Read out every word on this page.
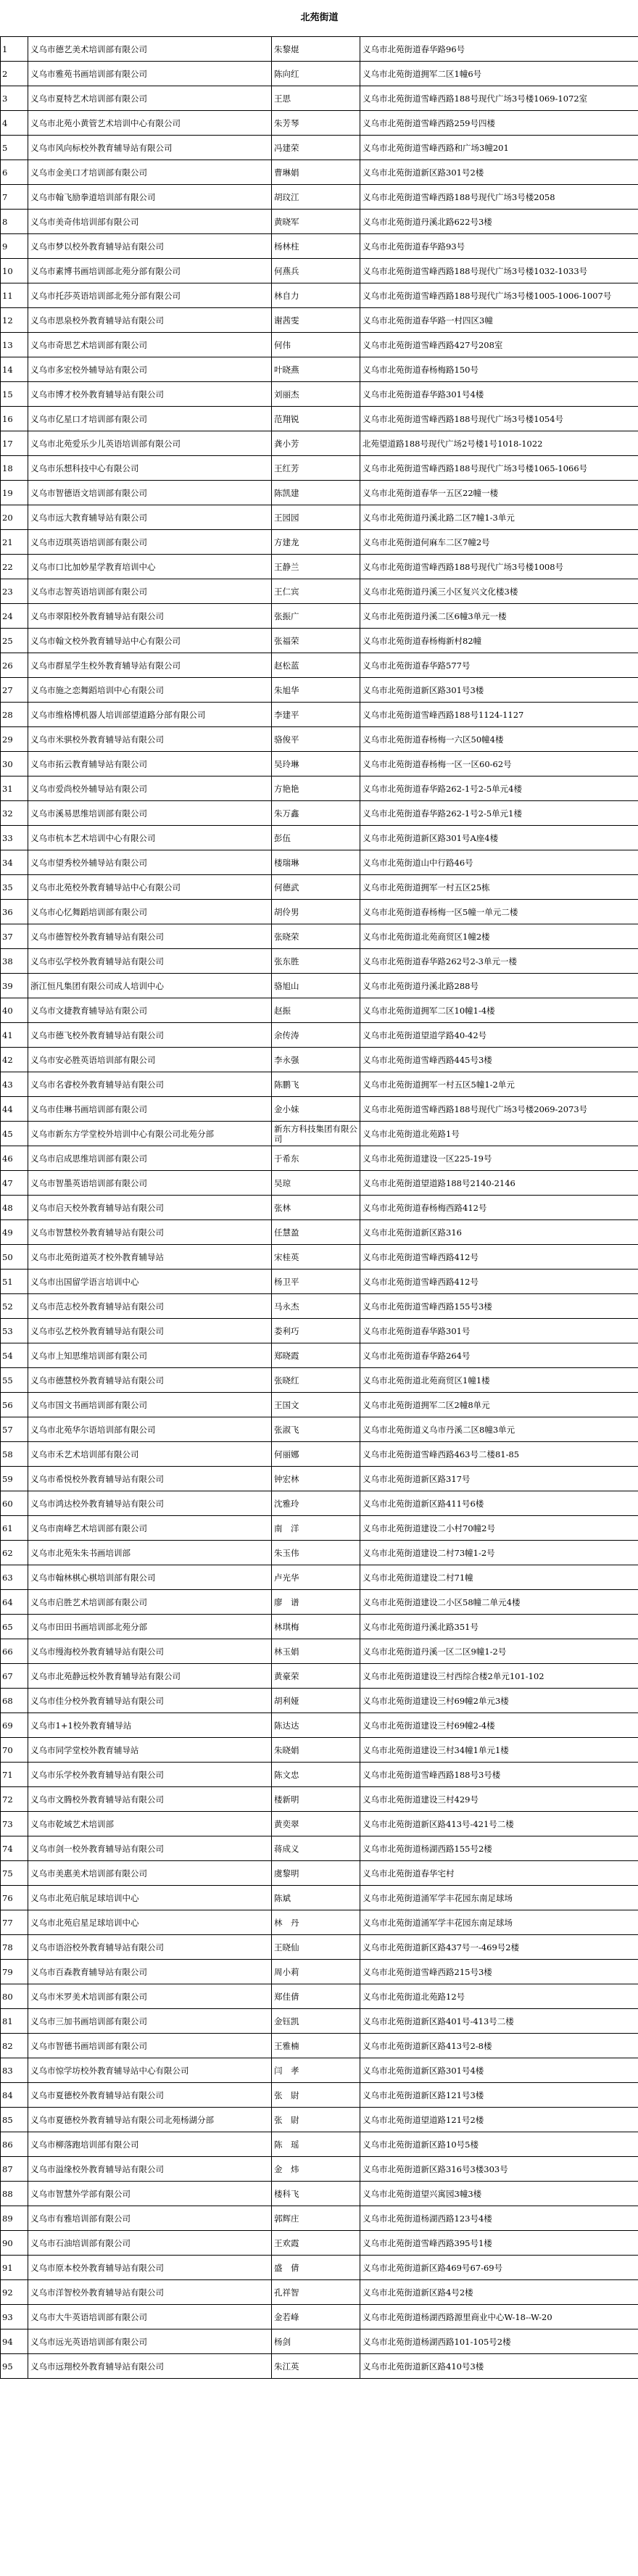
北苑街道			
1	义乌市德艺美术培训部有限公司	朱黎焜	义乌市北苑街道春华路96号
2	义乌市雅苑书画培训部有限公司	陈向红	义乌市北苑街道拥军二区1幢6号
3	义乌市夏特艺术培训部有限公司	王思	义乌市北苑街道雪峰西路188号现代广场3号楼1069-1072室
4	义乌市北苑小黄管艺术培训中心有限公司	朱芳琴	义乌市北苑街道雪峰西路259号四楼
5	义乌市风向标校外教育辅导站有限公司	冯建荣	义乌市北苑街道雪峰西路和广场3幢201
6	义乌市金美口才培训部有限公司	曹琳娟	义乌市北苑街道新区路301号2楼
7	义乌市翰飞励拳道培训部有限公司	胡玟江	义乌市北苑街道雪峰西路188号现代广场3号楼2058
8	义乌市美奇伟培训部有限公司	黄晓军	义乌市北苑街道丹溪北路622号3楼
9	义乌市梦以校外教育辅导站有限公司	杨林柱	义乌市北苑街道春华路93号
10	义乌市素博书画培训部北苑分部有限公司	何燕兵	义乌市北苑街道雪峰西路188号现代广场3号楼1032-1033号
11	义乌市托莎英语培训部北苑分部有限公司	林自力	义乌市北苑街道雪峰西路188号现代广场3号楼1005-1006-1007号
12	义乌市思泉校外教育辅导站有限公司	谢茜雯	义乌市北苑街道春华路一村四区3幢
13	义乌市奇思艺术培训部有限公司	何伟	义乌市北苑街道雪峰西路427号208室
14	义乌市多宏校外辅导站有限公司	叶晓燕	义乌市北苑街道春杨梅路150号
15	义乌市博才校外教育辅导站有限公司	刘丽杰	义乌市北苑街道春华路301号4楼
16	义乌市亿星口才培训部有限公司	范翔锐	义乌市北苑街道雪峰西路188号现代广场3号楼1054号
17	义乌市北苑爱乐少儿英语培训部有限公司	龚小芳	北苑望道路188号现代广场2号楼1号1018-1022
18	义乌市乐想科技中心有限公司	王红芳	义乌市北苑街道雪峰西路188号现代广场3号楼1065-1066号
19	义乌市智德语文培训部有限公司	陈凯建	义乌市北苑街道春华一五区22幢一楼
20	义乌市远大教育辅导站有限公司	王园园	义乌市北苑街道丹溪北路二区7幢1-3单元
21	义乌市迈琪英语培训部有限公司	方建龙	义乌市北苑街道何麻车二区7幢2号
22	义乌市口比加妙星学教育培训中心	王静兰	义乌市北苑街道雪峰西路188号现代广场3号楼1008号
23	义乌市志智英语培训部有限公司	王仁宾	义乌市北苑街道丹溪三小区复兴文化楼3楼
24	义乌市翠阳校外教育辅导站有限公司	张振广	义乌市北苑街道丹溪二区6幢3单元一楼
25	义乌市翰文校外教育辅导站中心有限公司	张福荣	义乌市北苑街道春杨梅新村82幢
26	义乌市群星学生校外教育辅导站有限公司	赵松蓝	义乌市北苑街道春华路577号
27	义乌市施之恋舞蹈培训中心有限公司	朱旭华	义乌市北苑街道新区路301号3楼
28	义乌市维格博机器人培训部望道路分部有限公司	李建平	义乌市北苑街道雪峰西路188号1124-1127
29	义乌市米骐校外教育辅导站有限公司	骆俊平	义乌市北苑街道春杨梅一六区50幢4楼
30	义乌市拓云教育辅导站有限公司	吴玲琳	义乌市北苑街道春杨梅一区一区60-62号
31	义乌市爱尚校外辅导站有限公司	方艳艳	义乌市北苑街道春华路262-1号2-5单元4楼
32	义乌市溪易思维培训部有限公司	朱万鑫	义乌市北苑街道春华路262-1号2-5单元1楼
33	义乌市杭本艺术培训中心有限公司	彭伍	义乌市北苑街道新区路301号A座4楼
34	义乌市望秀校外辅导站有限公司	楼瑞琳	义乌市北苑街道山中行路46号
35	义乌市北苑校外教育辅导站中心有限公司	何德武	义乌市北苑街道拥军一村五区25栋
36	义乌市心忆舞蹈培训部有限公司	胡伶男	义乌市北苑街道春杨梅一区5幢一单元二楼
37	义乌市德智校外教育辅导站有限公司	张晓荣	义乌市北苑街道北苑商贸区1幢2楼
38	义乌市弘学校外教育辅导站有限公司	张东胜	义乌市北苑街道春华路262号2-3单元一楼
39	浙江恒凡集团有限公司成人培训中心	骆旭山	义乌市北苑街道丹溪北路288号
40	义乌市文捷教育辅导站有限公司	赵振	义乌市北苑街道拥军二区10幢1-4楼
41	义乌市德飞校外教育辅导站有限公司	余传涛	义乌市北苑街道望道学路40-42号
42	义乌市安必胜英语培训部有限公司	李永强	义乌市北苑街道雪峰西路445号3楼
43	义乌市名睿校外教育辅导站有限公司	陈鹏飞	义乌市北苑街道拥军一村五区5幢1-2单元
44	义乌市佳琳书画培训部有限公司	金小妹	义乌市北苑街道雪峰西路188号现代广场3号楼2069-2073号
45	义乌市新东方学堂校外培训中心有限公司北苑分部	新东方科技集团有限公司	义乌市北苑街道北苑路1号
46	义乌市启成思维培训部有限公司	于希东	义乌市北苑街道建设一区225-19号
47	义乌市智墨英语培训部有限公司	吴琼	义乌市北苑街道望道路188号2140-2146
48	义乌市启天校外教育辅导站有限公司	张林	义乌市北苑街道春杨梅西路412号
49	义乌市智慧校外教育辅导站有限公司	任慧盈	义乌市北苑街道新区路316
50	义乌市北苑街道英才校外教育辅导站	宋桂英	义乌市北苑街道雪峰西路412号
51	义乌市出国留学语言培训中心	杨卫平	义乌市北苑街道雪峰西路412号
52	义乌市范志校外教育辅导站有限公司	马永杰	义乌市北苑街道雪峰西路155号3楼
53	义乌市弘艺校外教育辅导站有限公司	娄利巧	义乌市北苑街道春华路301号
54	义乌市上知思维培训部有限公司	郑晓霞	义乌市北苑街道春华路264号
55	义乌市德慧校外教育辅导站有限公司	张晓红	义乌市北苑街道北苑商贸区1幢1楼
56	义乌市国文书画培训部有限公司	王国文	义乌市北苑街道拥军二区2幢8单元
57	义乌市北苑华尔语培训部有限公司	张淑飞	义乌市北苑街道义乌市丹溪二区8幢3单元
58	义乌市禾艺术培训部有限公司	何丽娜	义乌市北苑街道雪峰西路463号二楼81-85
59	义乌市希悦校外教育辅导站有限公司	钟宏林	义乌市北苑街道新区路317号
60	义乌市鸿达校外教育辅导站有限公司	沈雅玲	义乌市北苑街道新区路411号6楼
61	义乌市南峰艺术培训部有限公司	南　洋	义乌市北苑街道建设二小村70幢2号
62	义乌市北苑朱朱书画培训部	朱玉伟	义乌市北苑街道建设二村73幢1-2号
63	义乌市翰林棋心棋培训部有限公司	卢光华	义乌市北苑街道建设二村71幢
64	义乌市启胜艺术培训部有限公司	廖　谱	义乌市北苑街道建设二小区58幢二单元4楼
65	义乌市田田书画培训部北苑分部	林琪梅	义乌市北苑街道丹溪北路351号
66	义乌市缦海校外教育辅导站有限公司	林玉娟	义乌市北苑街道丹溪一区二区9幢1-2号
67	义乌市北苑静远校外教育辅导站有限公司	黄豪荣	义乌市北苑街道建设三村西综合楼2单元101-102
68	义乌市佳分校外教育辅导站有限公司	胡利娅	义乌市北苑街道建设三村69幢2单元3楼
69	义乌市1+1校外教育辅导站	陈达达	义乌市北苑街道建设三村69幢2-4楼
70	义乌市同学堂校外教育辅导站	朱晓娟	义乌市北苑街道建设三村34幢1单元1楼
71	义乌市乐学校外教育辅导站有限公司	陈文忠	义乌市北苑街道雪峰西路188号3号楼
72	义乌市文腾校外教育辅导站有限公司	楼新明	义乌市北苑街道建设三村429号
73	义乌市乾域艺术培训部	黄奕翠	义乌市北苑街道新区路413号-421号二楼
74	义乌市剑一校外教育辅导站有限公司	蒋成义	义乌市北苑街道杨湖西路155号2楼
75	义乌市美惠美术培训部有限公司	虞黎明	义乌市北苑街道春华宅村
76	义乌市北苑启航足球培训中心	陈斌	义乌市北苑街道涌军学丰花园东南足球场
77	义乌市北苑启星足球培训中心	林　丹	义乌市北苑街道涌军学丰花园东南足球场
78	义乌市语浴校外教育辅导站有限公司	王晓仙	义乌市北苑街道新区路437号一-469号2楼
79	义乌市百森教育辅导站有限公司	周小莉	义乌市北苑街道雪峰西路215号3楼
80	义乌市米罗美术培训部有限公司	郑佳倩	义乌市北苑街道北苑路12号
81	义乌市三加书画培训部有限公司	金钰凯	义乌市北苑街道新区路401号-413号二楼
82	义乌市智德书画培训部有限公司	王雅楠	义乌市北苑街道新区路413号2-8楼
83	义乌市惊学坊校外教育辅导站中心有限公司	闫　孝	义乌市北苑街道新区路301号4楼
84	义乌市夏德校外教育辅导站有限公司	张　尉	义乌市北苑街道新区路121号3楼
85	义乌市夏德校外教育辅导站有限公司北苑杨湖分部	张　尉	义乌市北苑街道望道路121号2楼
86	义乌市柳落跑培训部有限公司	陈　瑶	义乌市北苑街道新区路10号5楼
87	义乌市溢缘校外教育辅导站有限公司	金　炜	义乌市北苑街道新区路316号3楼303号
88	义乌市智慧外学部有限公司	楼科飞	义乌市北苑街道望兴寓园3幢3楼
89	义乌市有雅培训部有限公司	郭辉庄	义乌市北苑街道杨湖西路123号4楼
90	义乌市石油培训部有限公司	王欢霞	义乌市北苑街道雪峰西路395号1楼
91	义乌市原本校外教育辅导站有限公司	盛　倩	义乌市北苑街道新区路469号67-69号
92	义乌市洋智校外教育辅导站有限公司	孔祥智	义乌市北苑街道新区路4号2楼
93	义乌市大牛英语培训部有限公司	金若峰	义乌市北苑街道杨湖西路源里商业中心W-18--W-20
94	义乌市远光英语培训部有限公司	杨剑	义乌市北苑街道杨湖西路101-105号2楼
95	义乌市远翔校外教育辅导站有限公司	朱江英	义乌市北苑街道新区路410号3楼
